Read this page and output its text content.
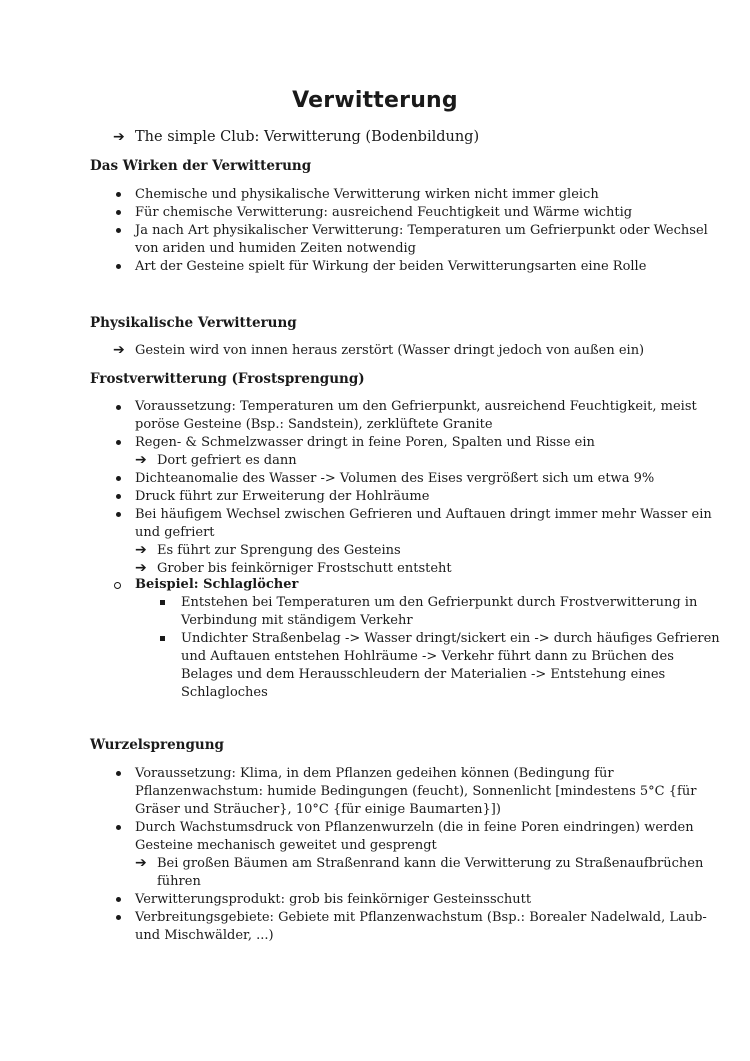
Verwitterung
➔ The simple Club: Verwitterung (Bodenbildung)
Das Wirken der Verwitterung
Chemische und physikalische Verwitterung wirken nicht immer gleich
Für chemische Verwitterung: ausreichend Feuchtigkeit und Wärme wichtig
Ja nach Art physikalischer Verwitterung: Temperaturen um Gefrierpunkt oder Wechsel
von ariden und humiden Zeiten notwendig
Art der Gesteine spielt für Wirkung der beiden Verwitterungsarten eine Rolle
Physikalische Verwitterung
➔ Gestein wird von innen heraus zerstört (Wasser dringt jedoch von außen ein)
Frostverwitterung (Frostsprengung)
Voraussetzung: Temperaturen um den Gefrierpunkt, ausreichend Feuchtigkeit, meist
poröse Gesteine (Bsp.: Sandstein), zerklüftete Granite
Regen- & Schmelzwasser dringt in feine Poren, Spalten und Risse ein
➔ Dort gefriert es dann
Dichteanomalie des Wasser -> Volumen des Eises vergrößert sich um etwa 9%
Druck führt zur Erweiterung der Hohlräume
Bei häufigem Wechsel zwischen Gefrieren und Auftauen dringt immer mehr Wasser ein
und gefriert
➔ Es führt zur Sprengung des Gesteins
➔ Grober bis feinkörniger Frostschutt entsteht
Beispiel: Schlaglöcher
Entstehen bei Temperaturen um den Gefrierpunkt durch Frostverwitterung in
Verbindung mit ständigem Verkehr
Undichter Straßenbelag -> Wasser dringt/sickert ein -> durch häufiges Gefrieren
und Auftauen entstehen Hohlräume -> Verkehr führt dann zu Brüchen des
Belages und dem Herausschleudern der Materialien -> Entstehung eines
Schlagloches
Wurzelsprengung
Voraussetzung: Klima, in dem Pflanzen gedeihen können (Bedingung für
Pflanzenwachstum: humide Bedingungen (feucht), Sonnenlicht [mindestens 5°C {für
Gräser und Sträucher}, 10°C {für einige Baumarten}])
Durch Wachstumsdruck von Pflanzenwurzeln (die in feine Poren eindringen) werden
Gesteine mechanisch geweitet und gesprengt
➔ Bei großen Bäumen am Straßenrand kann die Verwitterung zu Straßenaufbrüchen
führen
Verwitterungsprodukt: grob bis feinkörniger Gesteinsschutt
Verbreitungsgebiete: Gebiete mit Pflanzenwachstum (Bsp.: Borealer Nadelwald, Laub-
und Mischwälder, ...)
